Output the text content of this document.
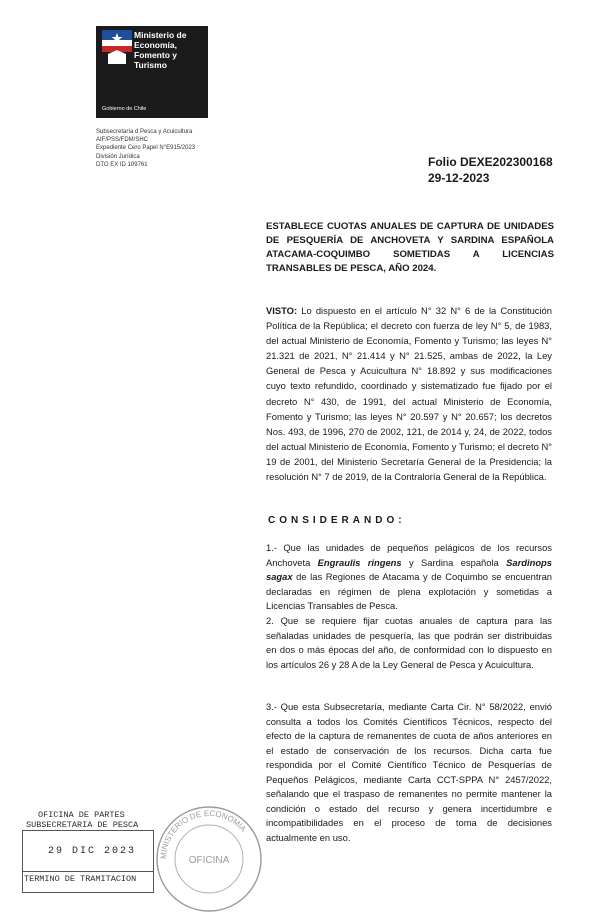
Ministerio de
Economía,
Fomento y
Turismo
Gobierno de Chile
Subsecretaría d Pesca y Acuicultura
AIF/PSS/FDM/SHC
Expediente Cero Papel N°E915/2023
División Jurídica
DTO EX ID 109761	Folio DEXE202300168
29-12-2023
ESTABLECE CUOTAS ANUALES DE CAPTURA DE UNIDADES DE PESQUERÍA DE ANCHOVETA Y SARDINA ESPAÑOLA ATACAMA-COQUIMBO SOMETIDAS A LICENCIAS TRANSABLES DE PESCA, AÑO 2024.
VISTO: Lo dispuesto en el artículo N° 32 N° 6 de la Constitución Política de la República; el decreto con fuerza de ley N° 5, de 1983, del actual Ministerio de Economía, Fomento y Turismo; las leyes N° 21.321 de 2021, N° 21.414 y N° 21.525, ambas de 2022, la Ley General de Pesca y Acuicultura N° 18.892 y sus modificaciones cuyo texto refundido, coordinado y sistematizado fue fijado por el decreto N° 430, de 1991, del actual Ministerio de Economía, Fomento y Turismo; las leyes N° 20.597 y N° 20.657; los decretos Nos. 493, de 1996, 270 de 2002, 121, de 2014 y, 24, de 2022, todos del actual Ministerio de Economía, Fomento y Turismo; el decreto N° 19 de 2001, del Ministerio Secretaría General de la Presidencia; la resolución N° 7 de 2019, de la Contraloría General de la República.
CONSIDERANDO:
1.- Que las unidades de pequeños pelágicos de los recursos Anchoveta Engraulis ringens y Sardina española Sardinops sagax de las Regiones de Atacama y de Coquimbo se encuentran declaradas en régimen de plena explotación y sometidas a Licencias Transables de Pesca.
2. Que se requiere fijar cuotas anuales de captura para las señaladas unidades de pesquería, las que podrán ser distribuidas en dos o más épocas del año, de conformidad con lo dispuesto en los artículos 26 y 28 A de la Ley General de Pesca y Acuicultura.
3.- Que esta Subsecretaría, mediante Carta Cir. N° 58/2022, envió consulta a todos los Comités Científicos Técnicos, respecto del efecto de la captura de remanentes de cuota de años anteriores en el estado de conservación de los recursos. Dicha carta fue respondida por el Comité Científico Técnico de Pesquerías de Pequeños Pelágicos, mediante Carta CCT-SPPA N° 2457/2022, señalando que el traspaso de remanentes no permite mantener la condición o estado del recurso y genera incertidumbre e incompatibilidades en el proceso de toma de decisiones actualmente en uso.
OFICINA DE PARTES
SUBSECRETARIA DE PESCA
29 DIC 2023
TERMINO DE TRAMITACION
MINISTERIO DE ECONOMIA
OFICINA
